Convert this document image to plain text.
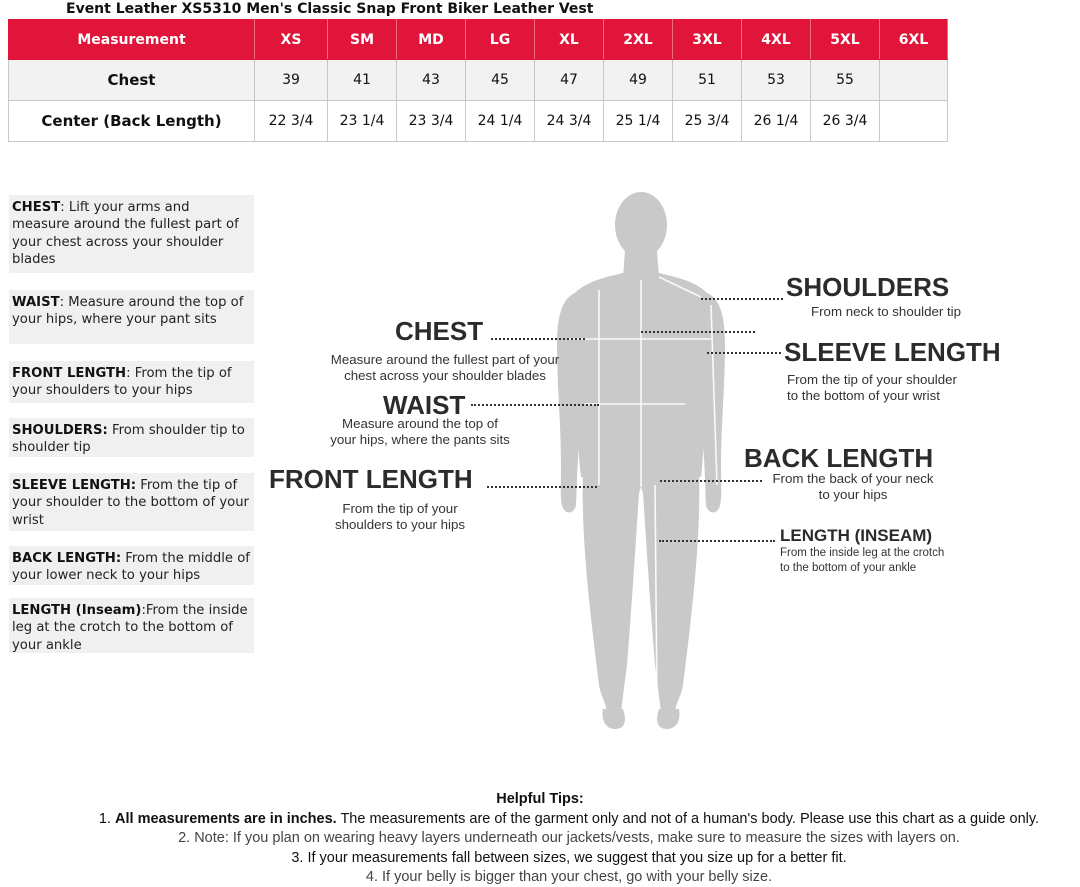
Event Leather XS5310 Men's Classic Snap Front Biker Leather Vest
Measurement	XS	SM	MD	LG	XL	2XL	3XL	4XL	5XL	6XL
Chest	39	41	43	45	47	49	51	53	55	
Center (Back Length)	22 3/4	23 1/4	23 3/4	24 1/4	24 3/4	25 1/4	25 3/4	26 1/4	26 3/4	
CHEST: Lift your arms and measure around the fullest part of your chest across your shoulder blades
WAIST: Measure around the top of your hips, where your pant sits
FRONT LENGTH: From the tip of your shoulders to your hips
SHOULDERS: From shoulder tip to shoulder tip
SLEEVE LENGTH: From the tip of your shoulder to the bottom of your wrist
BACK LENGTH: From the middle of your lower neck to your hips
LENGTH (Inseam):From the inside leg at the crotch to the bottom of your ankle
CHEST
Measure around the fullest part of your
chest across your shoulder blades
WAIST
Measure around the top of
your hips, where the pants sits
FRONT LENGTH
From the tip of your
shoulders to your hips
SHOULDERS
From neck to shoulder tip
SLEEVE LENGTH
From the tip of your shoulder
to the bottom of your wrist
BACK LENGTH
From the back of your neck
to your hips
LENGTH (INSEAM)
From the inside leg at the crotch
to the bottom of your ankle
Helpful Tips:
1. All measurements are in inches. The measurements are of the garment only and not of a human's body. Please use this chart as a guide only.
2. Note: If you plan on wearing heavy layers underneath our jackets/vests, make sure to measure the sizes with layers on.
3. If your measurements fall between sizes, we suggest that you size up for a better fit.
4. If your belly is bigger than your chest, go with your belly size.
